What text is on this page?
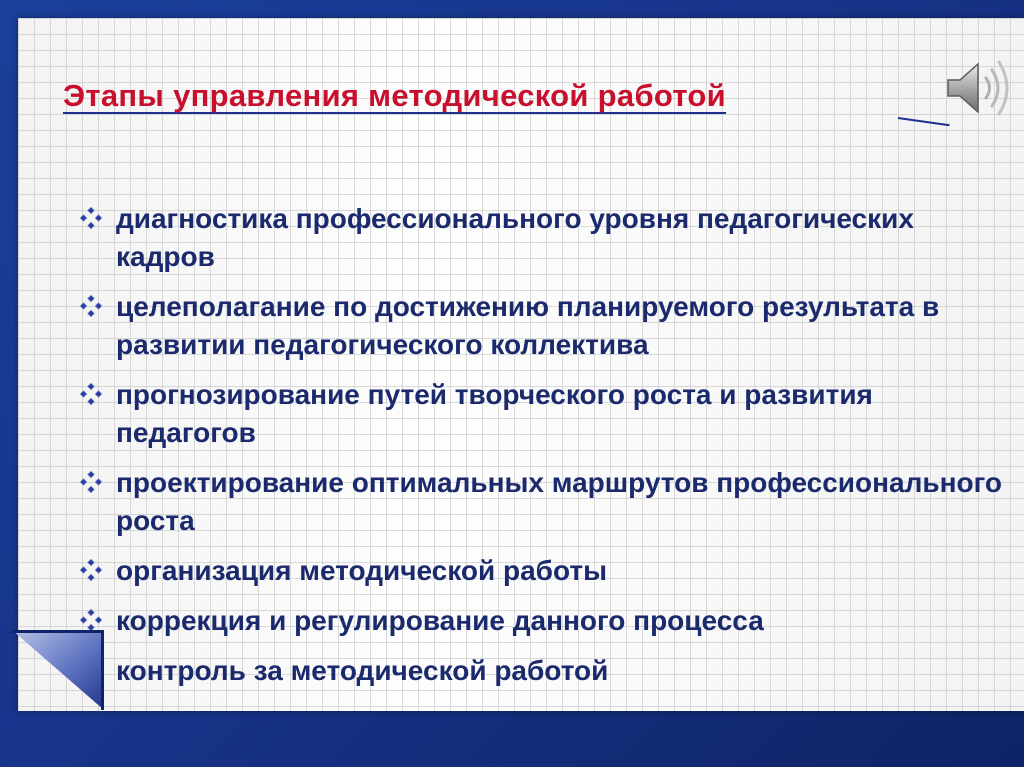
Этапы управления методической работой
диагностика профессионального уровня педагогических кадров
целеполагание по достижению планируемого результата в развитии педагогического коллектива
прогнозирование путей творческого роста и развития педагогов
проектирование оптимальных маршрутов профессионального роста
организация методической работы
коррекция и регулирование данного процесса
контроль за методической работой
